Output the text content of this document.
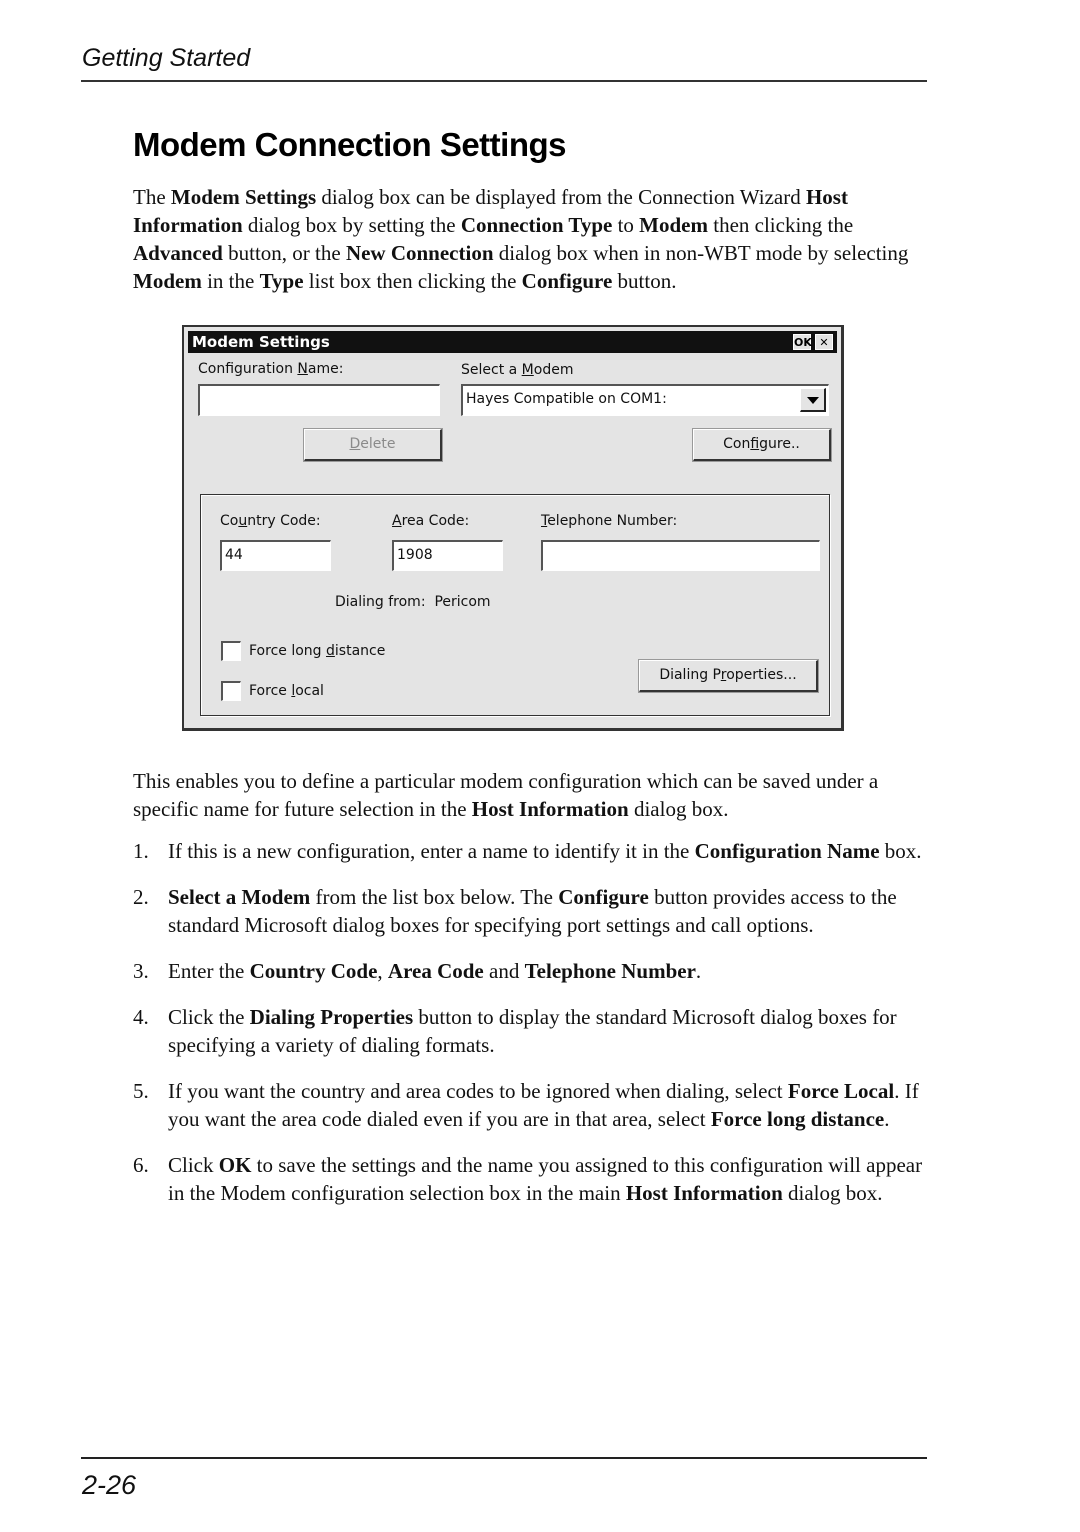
Getting Started
Modem Connection Settings

The Modem Settings dialog box can be displayed from the Connection Wizard Host Information dialog box by setting the Connection Type to Modem then clicking the Advanced button, or the New Connection dialog box when in non-WBT mode by selecting Modem in the Type list box then clicking the Configure button.

Modem Settings	OK ✕
Configuration Name:	Select a Modem
Hayes Compatible on COM1:
Delete	Configure..
Country Code:
44
Area Code:
1908
Telephone Number:
Dialing from: Pericom
Force long distance
Force local
Dialing Properties...

This enables you to define a particular modem configuration which can be saved under a specific name for future selection in the Host Information dialog box.

1. If this is a new configuration, enter a name to identify it in the Configuration Name box.
2. Select a Modem from the list box below. The Configure button provides access to the standard Microsoft dialog boxes for specifying port settings and call options.
3. Enter the Country Code, Area Code and Telephone Number.
4. Click the Dialing Properties button to display the standard Microsoft dialog boxes for specifying a variety of dialing formats.
5. If you want the country and area codes to be ignored when dialing, select Force Local. If you want the area code dialed even if you are in that area, select Force long distance.
6. Click OK to save the settings and the name you assigned to this configuration will appear in the Modem configuration selection box in the main Host Information dialog box.
2-26
